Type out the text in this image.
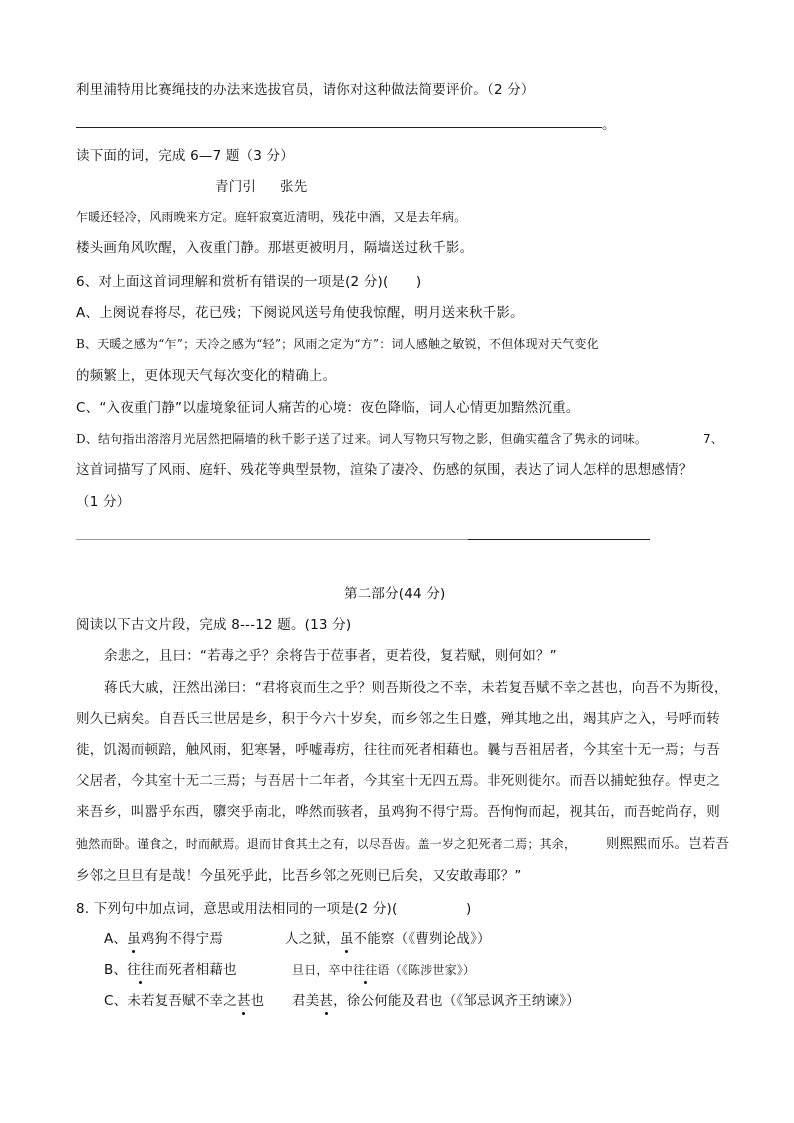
利里浦特用比赛绳技的办法来选拔官员，请你对这种做法简要评价。（2 分）
。
读下面的词，完成 6—7 题（3 分）
青门引 张先
乍暖还轻冷，风雨晚来方定。庭轩寂寞近清明，残花中酒，又是去年病。
楼头画角风吹醒，入夜重门静。那堪更被明月，隔墙送过秋千影。
6、对上面这首词理解和赏析有错误的一项是(2 分)(　　)
A、上阕说春将尽，花已残；下阕说风送号角使我惊醒，明月送来秋千影。
B、天暖之感为“乍”；天冷之感为“轻”；风雨之定为“方”：词人感触之敏锐，不但体现对天气变化
的频繁上，更体现天气每次变化的精确上。
C、“入夜重门静”以虚境象征词人痛苦的心境：夜色降临，词人心情更加黯然沉重。
D、结句指出溶溶月光居然把隔墙的秋千影子送了过来。词人写物只写物之影，但确实蕴含了隽永的词味。	7、
这首词描写了风雨、庭轩、残花等典型景物，渲染了凄冷、伤感的氛围，表达了词人怎样的思想感情？
（1 分）
第二部分(44 分)
阅读以下古文片段，完成 8---12 题。(13 分)
余悲之，且曰：“若毒之乎？余将告于莅事者，更若役，复若赋，则何如？”
蒋氏大戚，汪然出涕曰：“君将哀而生之乎？则吾斯役之不幸，未若复吾赋不幸之甚也，向吾不为斯役，
则久已病矣。自吾氏三世居是乡，积于今六十岁矣，而乡邻之生日蹙，殚其地之出，竭其庐之入，号呼而转
徙，饥渴而顿踣，触风雨，犯寒暑，呼嘘毒疠，往往而死者相藉也。曩与吾祖居者，今其室十无一焉；与吾
父居者，今其室十无二三焉；与吾居十二年者，今其室十无四五焉。非死则徙尔。而吾以捕蛇独存。悍吏之
来吾乡，叫嚣乎东西，隳突乎南北，哗然而骇者，虽鸡狗不得宁焉。吾恂恂而起，视其缶，而吾蛇尚存，则
弛然而卧。谨食之，时而献焉。退而甘食其土之有，以尽吾齿。盖一岁之犯死者二焉；其余， 则熙熙而乐。岂若吾
乡邻之旦旦有是哉！今虽死乎此，比吾乡邻之死则已后矣，又安敢毒耶？”
8. 下列句中加点词，意思或用法相同的一项是(2 分)(　　　　　)
A、虽鸡狗不得宁焉	人之狱，虽不能察（《曹刿论战》）
B、往往而死者相藉也	旦日，卒中往往语（《陈涉世家》）
C、未若复吾赋不幸之甚也 君美甚，徐公何能及君也（《邹忌讽齐王纳谏》）
